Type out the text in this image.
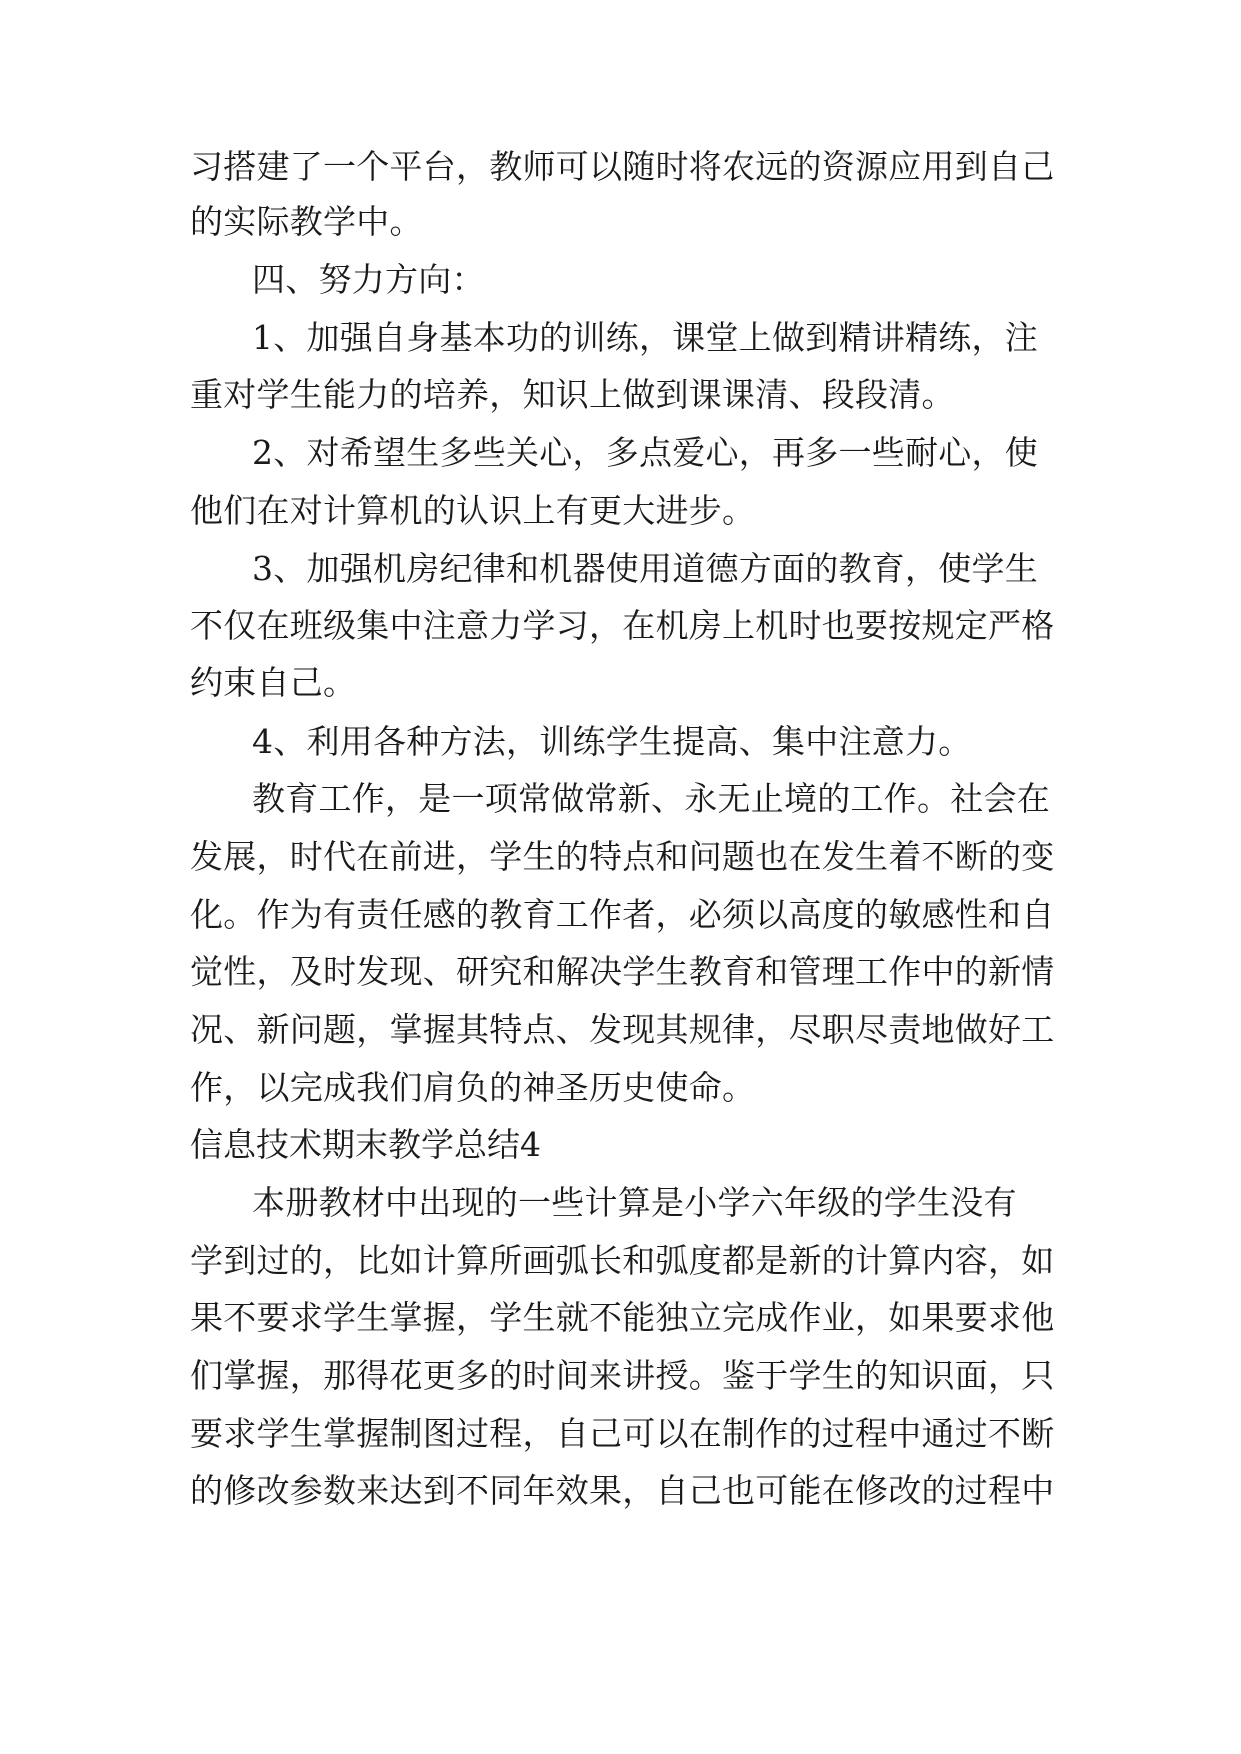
习搭建了一个平台，教师可以随时将农远的资源应用到自己

的实际教学中。

四、努力方向：

1、加强自身基本功的训练，课堂上做到精讲精练，注

重对学生能力的培养，知识上做到课课清、段段清。

2、对希望生多些关心，多点爱心，再多一些耐心，使

他们在对计算机的认识上有更大进步。

3、加强机房纪律和机器使用道德方面的教育，使学生

不仅在班级集中注意力学习，在机房上机时也要按规定严格

约束自己。

4、利用各种方法，训练学生提高、集中注意力。

教育工作，是一项常做常新、永无止境的工作。社会在

发展，时代在前进，学生的特点和问题也在发生着不断的变

化。作为有责任感的教育工作者，必须以高度的敏感性和自

觉性，及时发现、研究和解决学生教育和管理工作中的新情

况、新问题，掌握其特点、发现其规律，尽职尽责地做好工

作，以完成我们肩负的神圣历史使命。

信息技术期末教学总结4

本册教材中出现的一些计算是小学六年级的学生没有

学到过的，比如计算所画弧长和弧度都是新的计算内容，如

果不要求学生掌握，学生就不能独立完成作业，如果要求他

们掌握，那得花更多的时间来讲授。鉴于学生的知识面，只

要求学生掌握制图过程，自己可以在制作的过程中通过不断

的修改参数来达到不同年效果，自己也可能在修改的过程中
